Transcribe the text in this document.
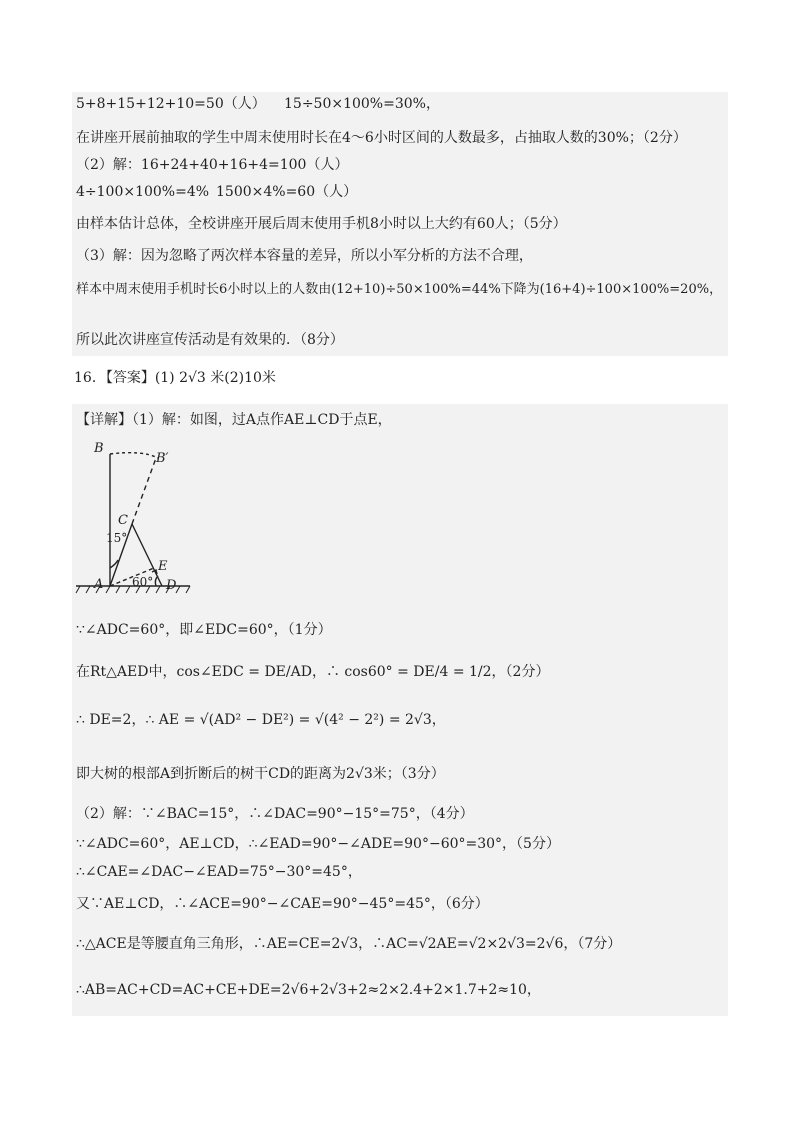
5+8+15+12+10=50（人） 15÷50×100%=30%，
在讲座开展前抽取的学生中周末使用时长在4～6小时区间的人数最多，占抽取人数的30%；（2分）
（2）解：16+24+40+16+4=100（人）
4÷100×100%=4% 1500×4%=60（人）
由样本估计总体，全校讲座开展后周末使用手机8小时以上大约有60人；（5分）
（3）解：因为忽略了两次样本容量的差异，所以小军分析的方法不合理，
样本中周末使用手机时长6小时以上的人数由(12+10)÷50×100%=44%下降为(16+4)÷100×100%=20%，
所以此次讲座宣传活动是有效果的．（8分）
16．【答案】(1) 2√3 米(2)10米
【详解】（1）解：如图，过A点作AE⊥CD于点E，
B
B′
C
A	D
E
15°
60°
∵∠ADC=60°，即∠EDC=60°，（1分）
在Rt△AED中，cos∠EDC = DE/AD，∴ cos60° = DE/4 = 1/2，（2分）
∴ DE=2，∴ AE = √(AD² − DE²) = √(4² − 2²) = 2√3，
即大树的根部A到折断后的树干CD的距离为2√3米；（3分）
（2）解：∵∠BAC=15°，∴∠DAC=90°−15°=75°，（4分）
∵∠ADC=60°，AE⊥CD，∴∠EAD=90°−∠ADE=90°−60°=30°，（5分）
∴∠CAE=∠DAC−∠EAD=75°−30°=45°，
又∵AE⊥CD，∴∠ACE=90°−∠CAE=90°−45°=45°，（6分）
∴△ACE是等腰直角三角形，∴AE=CE=2√3，∴AC=√2AE=√2×2√3=2√6，（7分）
∴AB=AC+CD=AC+CE+DE=2√6+2√3+2≈2×2.4+2×1.7+2≈10，
